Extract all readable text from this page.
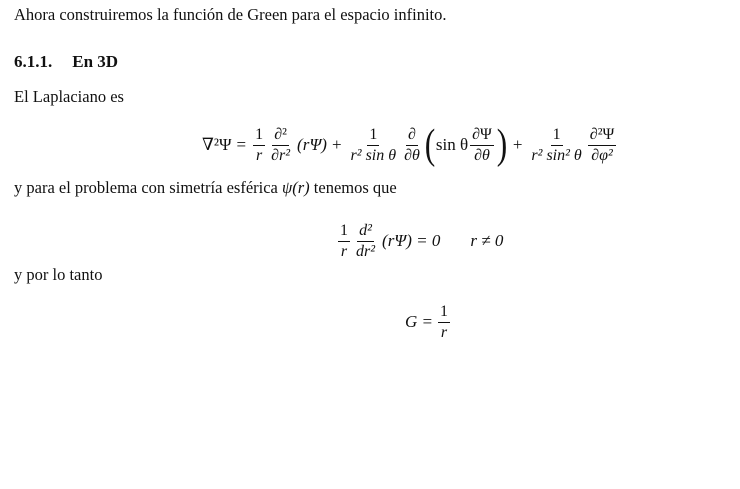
Ahora construiremos la función de Green para el espacio infinito.
6.1.1. En 3D
El Laplaciano es
$\nabla^2\Psi = \frac{1}{r} \frac{\text{∂²}}{\text{∂r²}} (r\Psi) + \frac{1}{\text{r² sin θ}} \frac{\partial}{\partial\theta}$ ( sin θ $\frac{\partial\Psi}{\partial\theta}$ ) + $\frac{1}{\text{r² sin² θ}} \frac{\text{∂²Ψ}}{\text{∂φ²}}$
y para el problema con simetría esférica ψ(r) tenemos que
$\frac{1}{r} \frac{\text{d²}}{\text{dr²}} (r\Psi) = 0$ r ≠ 0
y por lo tanto
$G = \frac{1}{r}$
